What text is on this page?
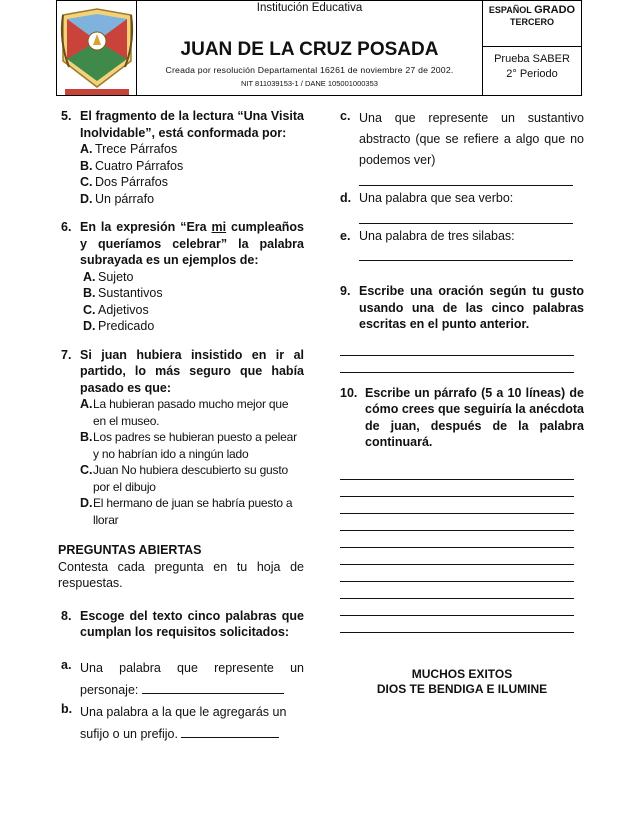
Institución Educativa
JUAN DE LA CRUZ POSADA
Creada por resolución Departamental 16261 de noviembre 27 de 2002.
NIT 811039153-1 / DANE 105001000353
ESPAÑOL GRADO
TERCERO
Prueba SABER
2° Periodo
5. El fragmento de la lectura “Una Visita Inolvidable”, está conformada por:
A. Trece Párrafos
B. Cuatro Párrafos
C. Dos Párrafos
D. Un párrafo
6. En la expresión “Era mi cumpleaños y queríamos celebrar” la palabra subrayada es un ejemplos de:
A. Sujeto
B. Sustantivos
C. Adjetivos
D. Predicado
7. Si juan hubiera insistido en ir al partido, lo más seguro que había pasado es que:
A. La hubieran pasado mucho mejor que en el museo.
B. Los padres se hubieran puesto a pelear y no habrían ido a ningún lado
C. Juan No hubiera descubierto su gusto por el dibujo
D. El hermano de juan se habría puesto a llorar
PREGUNTAS ABIERTAS
Contesta cada pregunta en tu hoja de respuestas.
8. Escoge del texto cinco palabras que cumplan los requisitos solicitados:
a. Una palabra que represente un personaje:
b. Una palabra a la que le agregarás un sufijo o un prefijo.
c. Una que represente un sustantivo abstracto (que se refiere a algo que no podemos ver)
d. Una palabra que sea verbo:
e. Una palabra de tres silabas:
9. Escribe una oración según tu gusto usando una de las cinco palabras escritas en el punto anterior.
10. Escribe un párrafo (5 a 10 líneas) de cómo crees que seguiría la anécdota de juan, después de la palabra continuará.
MUCHOS EXITOS
DIOS TE BENDIGA E ILUMINE
